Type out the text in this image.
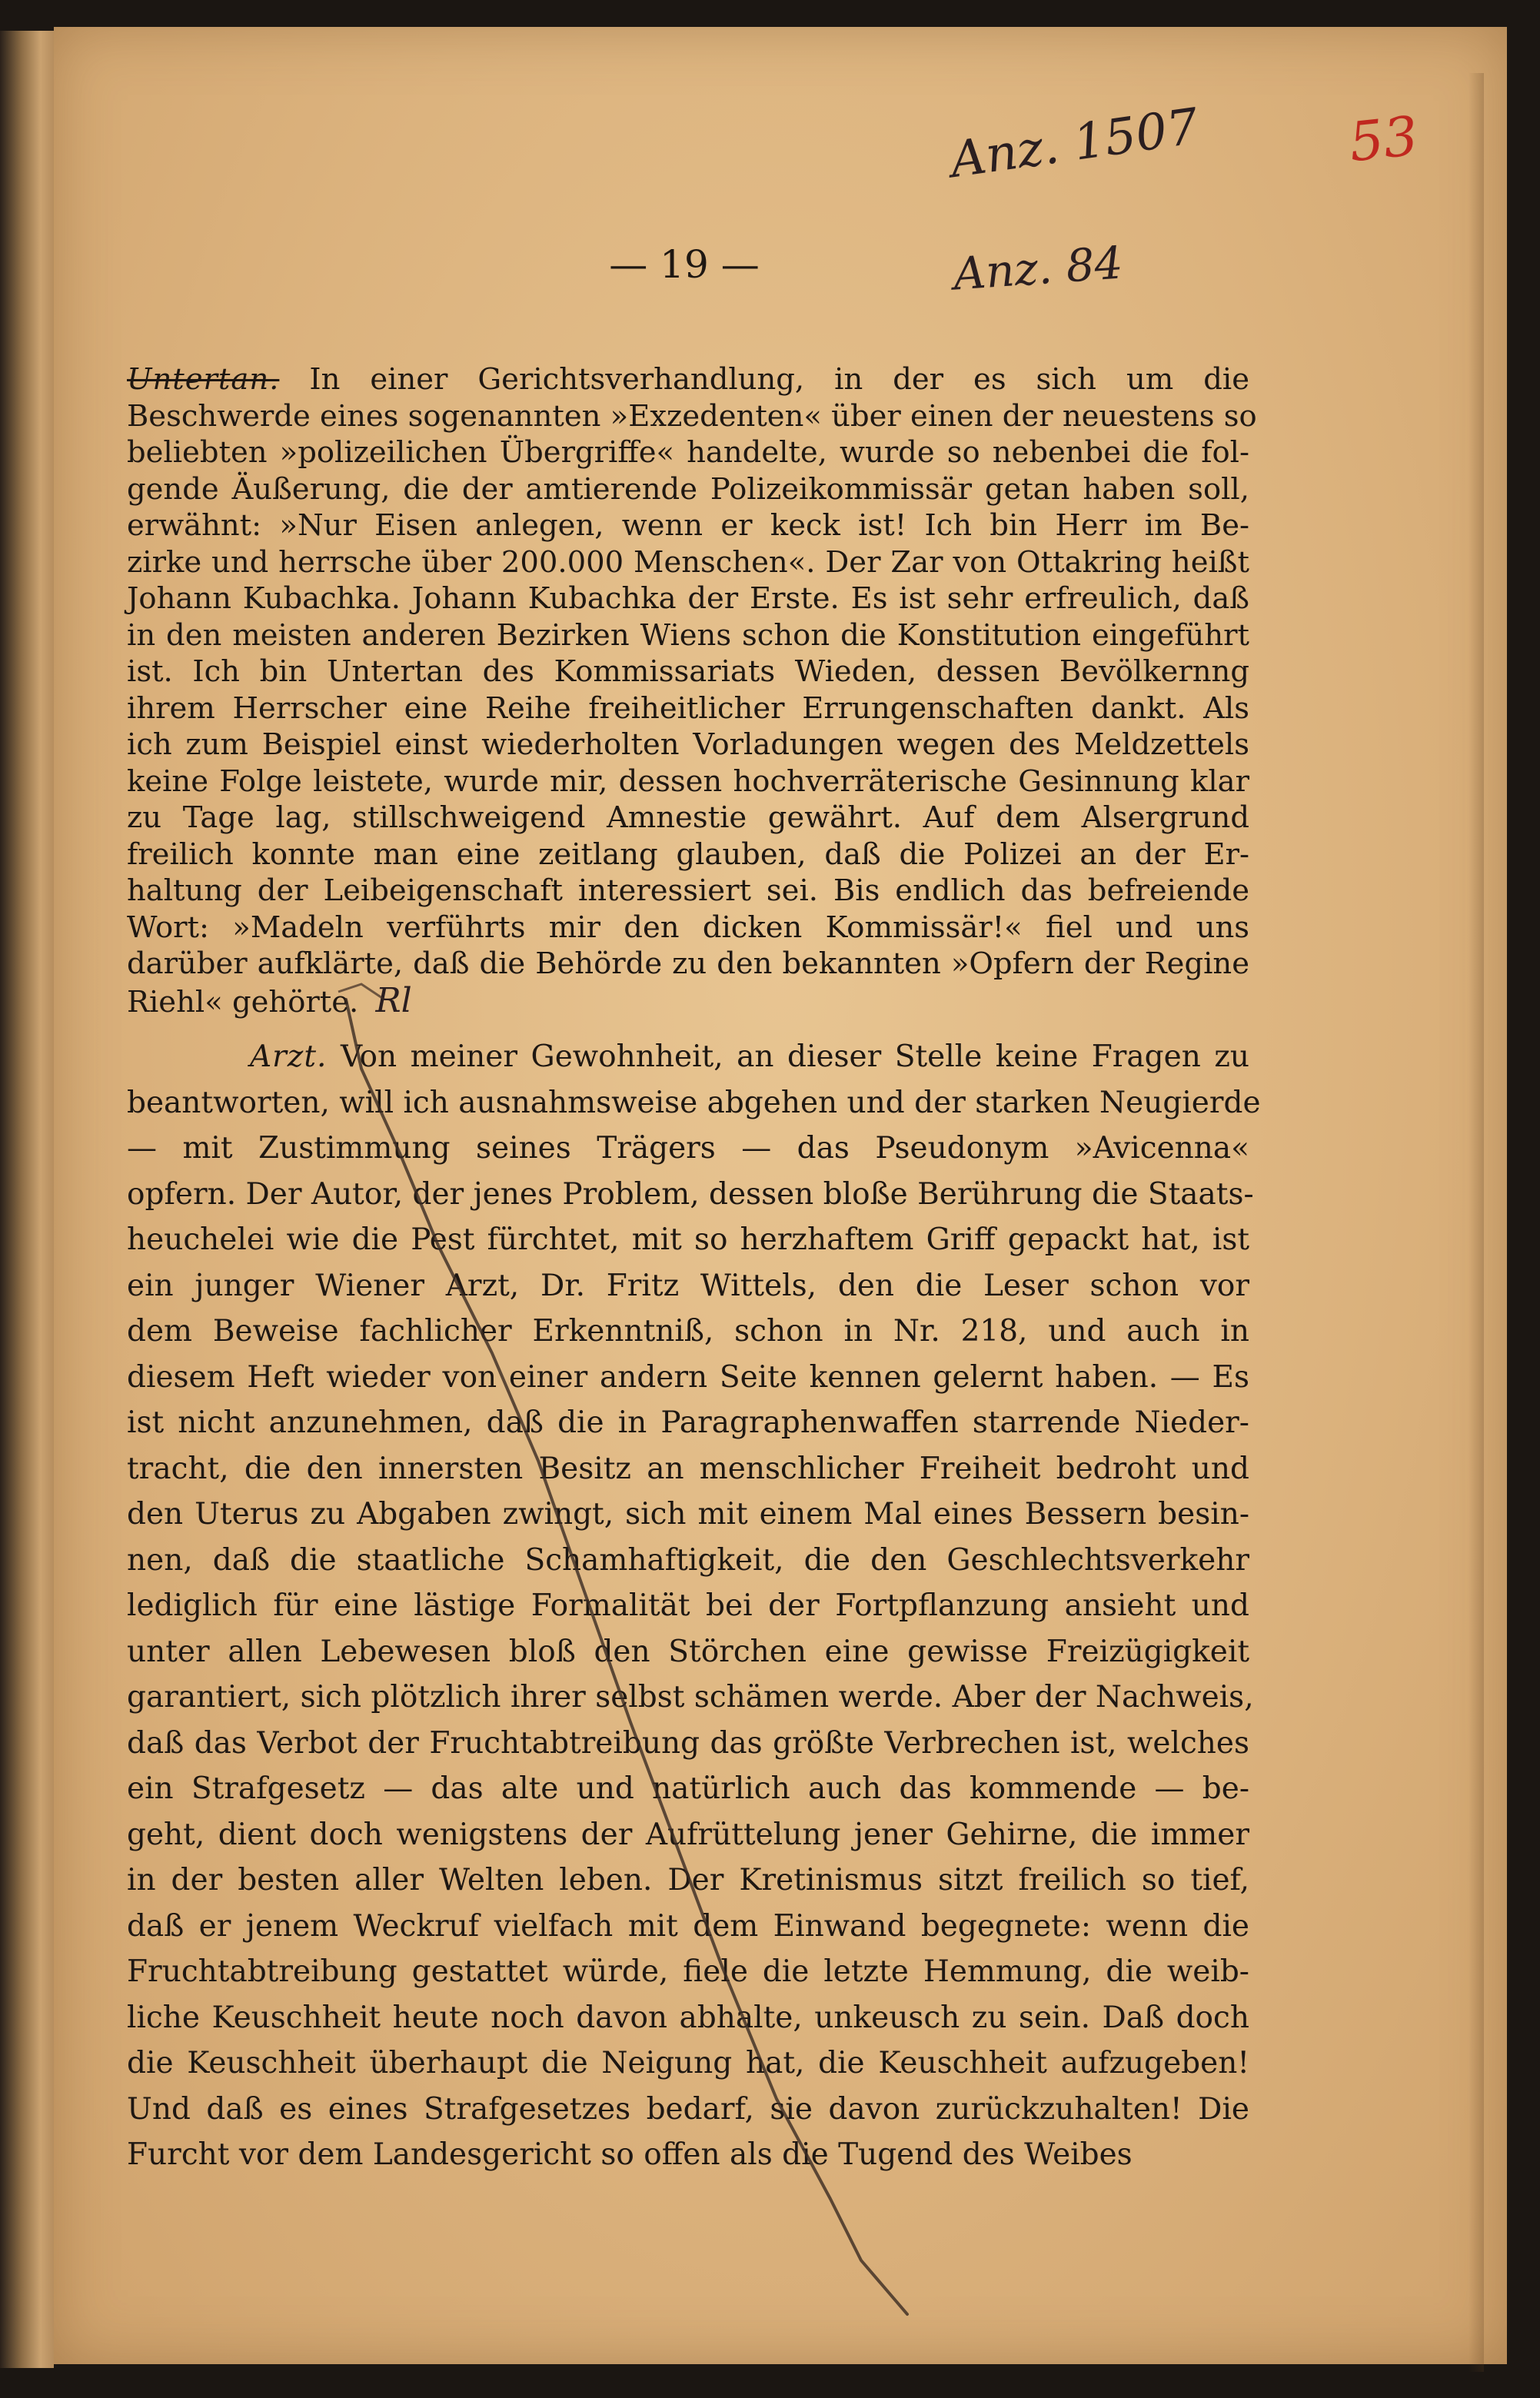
Anz. 1507
Anz. 84
53
— 19 —
Untertan. In einer Gerichtsverhandlung, in der es sich um die
Beschwerde eines sogenannten »Exzedenten« über einen der neuestens so
beliebten »polizeilichen Übergriffe« handelte, wurde so nebenbei die fol-
gende Äußerung, die der amtierende Polizeikommissär getan haben soll,
erwähnt: »Nur Eisen anlegen, wenn er keck ist! Ich bin Herr im Be-
zirke und herrsche über 200.000 Menschen«. Der Zar von Ottakring heißt
Johann Kubachka. Johann Kubachka der Erste. Es ist sehr erfreulich, daß
in den meisten anderen Bezirken Wiens schon die Konstitution eingeführt
ist. Ich bin Untertan des Kommissariats Wieden, dessen Bevölkernng
ihrem Herrscher eine Reihe freiheitlicher Errungenschaften dankt. Als
ich zum Beispiel einst wiederholten Vorladungen wegen des Meldzettels
keine Folge leistete, wurde mir, dessen hochverräterische Gesinnung klar
zu Tage lag, stillschweigend Amnestie gewährt. Auf dem Alsergrund
freilich konnte man eine zeitlang glauben, daß die Polizei an der Er-
haltung der Leibeigenschaft interessiert sei. Bis endlich das befreiende
Wort: »Madeln verführts mir den dicken Kommissär!« fiel und uns
darüber aufklärte, daß die Behörde zu den bekannten »Opfern der Regine
Riehl« gehörte. Rl
Arzt. Von meiner Gewohnheit, an dieser Stelle keine Fragen zu
beantworten, will ich ausnahmsweise abgehen und der starken Neugierde
— mit Zustimmung seines Trägers — das Pseudonym »Avicenna«
opfern. Der Autor, der jenes Problem, dessen bloße Berührung die Staats-
heuchelei wie die Pest fürchtet, mit so herzhaftem Griff gepackt hat, ist
ein junger Wiener Arzt, Dr. Fritz Wittels, den die Leser schon vor
dem Beweise fachlicher Erkenntniß, schon in Nr. 218, und auch in
diesem Heft wieder von einer andern Seite kennen gelernt haben. — Es
ist nicht anzunehmen, daß die in Paragraphenwaffen starrende Nieder-
tracht, die den innersten Besitz an menschlicher Freiheit bedroht und
den Uterus zu Abgaben zwingt, sich mit einem Mal eines Bessern besin-
nen, daß die staatliche Schamhaftigkeit, die den Geschlechtsverkehr
lediglich für eine lästige Formalität bei der Fortpflanzung ansieht und
unter allen Lebewesen bloß den Störchen eine gewisse Freizügigkeit
garantiert, sich plötzlich ihrer selbst schämen werde. Aber der Nachweis,
daß das Verbot der Fruchtabtreibung das größte Verbrechen ist, welches
ein Strafgesetz — das alte und natürlich auch das kommende — be-
geht, dient doch wenigstens der Aufrüttelung jener Gehirne, die immer
in der besten aller Welten leben. Der Kretinismus sitzt freilich so tief,
daß er jenem Weckruf vielfach mit dem Einwand begegnete: wenn die
Fruchtabtreibung gestattet würde, fiele die letzte Hemmung, die weib-
liche Keuschheit heute noch davon abhalte, unkeusch zu sein. Daß doch
die Keuschheit überhaupt die Neigung hat, die Keuschheit aufzugeben!
Und daß es eines Strafgesetzes bedarf, sie davon zurückzuhalten! Die
Furcht vor dem Landesgericht so offen als die Tugend des Weibes
